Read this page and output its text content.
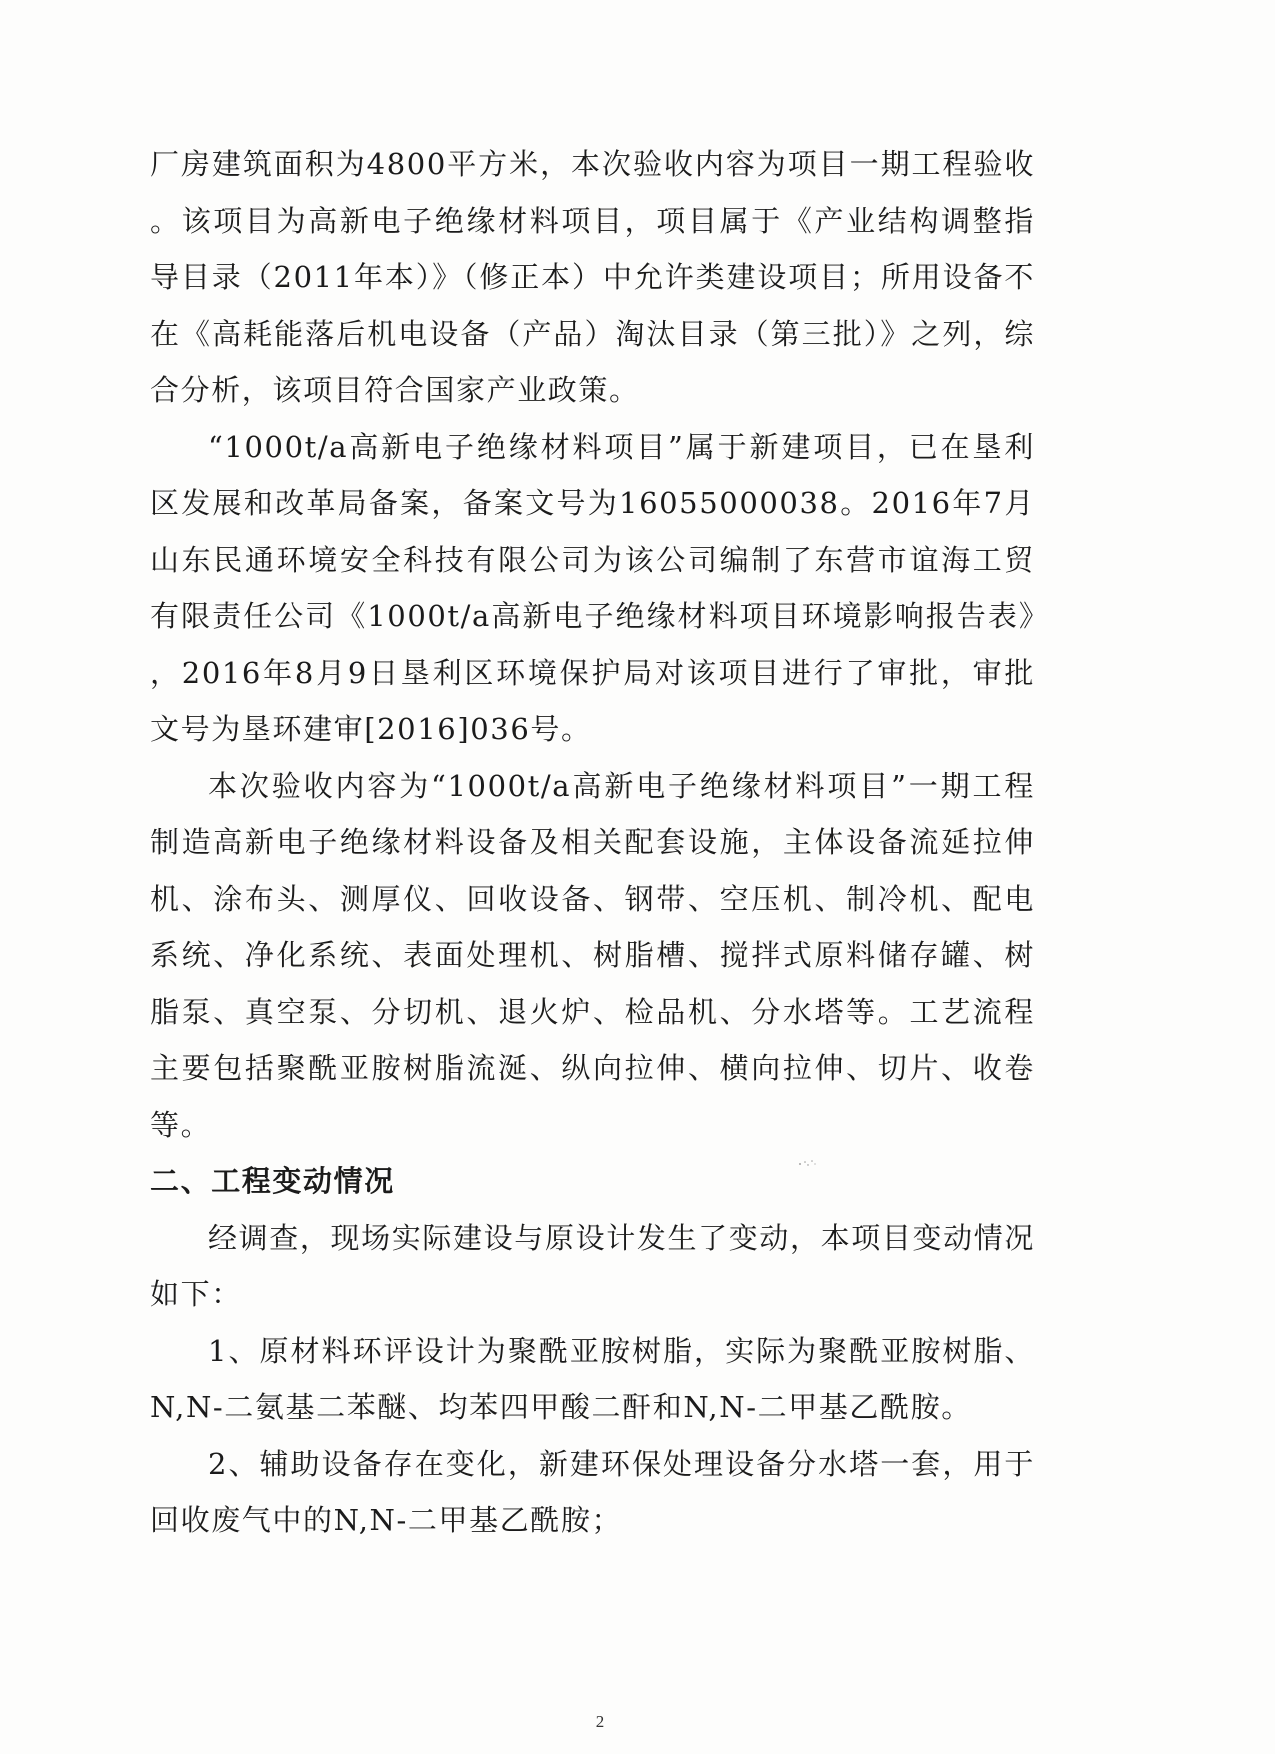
厂房建筑面积为4800平方米，本次验收内容为项目一期工程验收。该项目为高新电子绝缘材料项目，项目属于《产业结构调整指导目录（2011年本）》（修正本）中允许类建设项目；所用设备不在《高耗能落后机电设备（产品）淘汰目录（第三批）》之列，综合分析，该项目符合国家产业政策。

“1000t/a高新电子绝缘材料项目”属于新建项目，已在垦利区发展和改革局备案，备案文号为16055000038。2016年7月山东民通环境安全科技有限公司为该公司编制了东营市谊海工贸有限责任公司《1000t/a高新电子绝缘材料项目环境影响报告表》，2016年8月9日垦利区环境保护局对该项目进行了审批，审批文号为垦环建审[2016]036号。

本次验收内容为“1000t/a高新电子绝缘材料项目”一期工程制造高新电子绝缘材料设备及相关配套设施，主体设备流延拉伸机、涂布头、测厚仪、回收设备、钢带、空压机、制冷机、配电系统、净化系统、表面处理机、树脂槽、搅拌式原料储存罐、树脂泵、真空泵、分切机、退火炉、检品机、分水塔等。工艺流程主要包括聚酰亚胺树脂流涎、纵向拉伸、横向拉伸、切片、收卷等。

二、工程变动情况

经调查，现场实际建设与原设计发生了变动，本项目变动情况如下：

1、原材料环评设计为聚酰亚胺树脂，实际为聚酰亚胺树脂、N,N-二氨基二苯醚、均苯四甲酸二酐和N,N-二甲基乙酰胺。

2、辅助设备存在变化，新建环保处理设备分水塔一套，用于回收废气中的N,N-二甲基乙酰胺；

2
